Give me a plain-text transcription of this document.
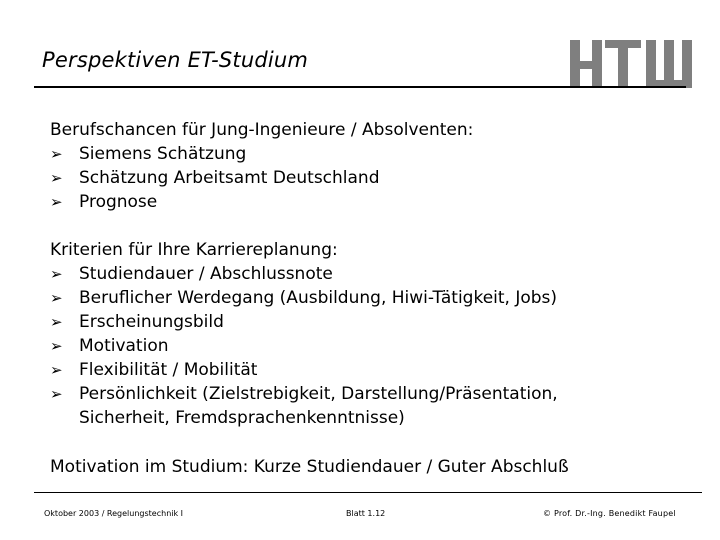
Perspektiven ET-Studium
Berufschancen für Jung-Ingenieure / Absolventen:
➢ Siemens Schätzung
➢ Schätzung Arbeitsamt Deutschland
➢ Prognose
Kriterien für Ihre Karriereplanung:
➢ Studiendauer / Abschlussnote
➢ Beruflicher Werdegang (Ausbildung, Hiwi-Tätigkeit, Jobs)
➢ Erscheinungsbild
➢ Motivation
➢ Flexibilität / Mobilität
➢ Persönlichkeit (Zielstrebigkeit, Darstellung/Präsentation,
Sicherheit, Fremdsprachenkenntnisse)
Motivation im Studium: Kurze Studiendauer / Guter Abschluß
Oktober 2003 / Regelungstechnik I	Blatt 1.12	© Prof. Dr.-Ing. Benedikt Faupel
